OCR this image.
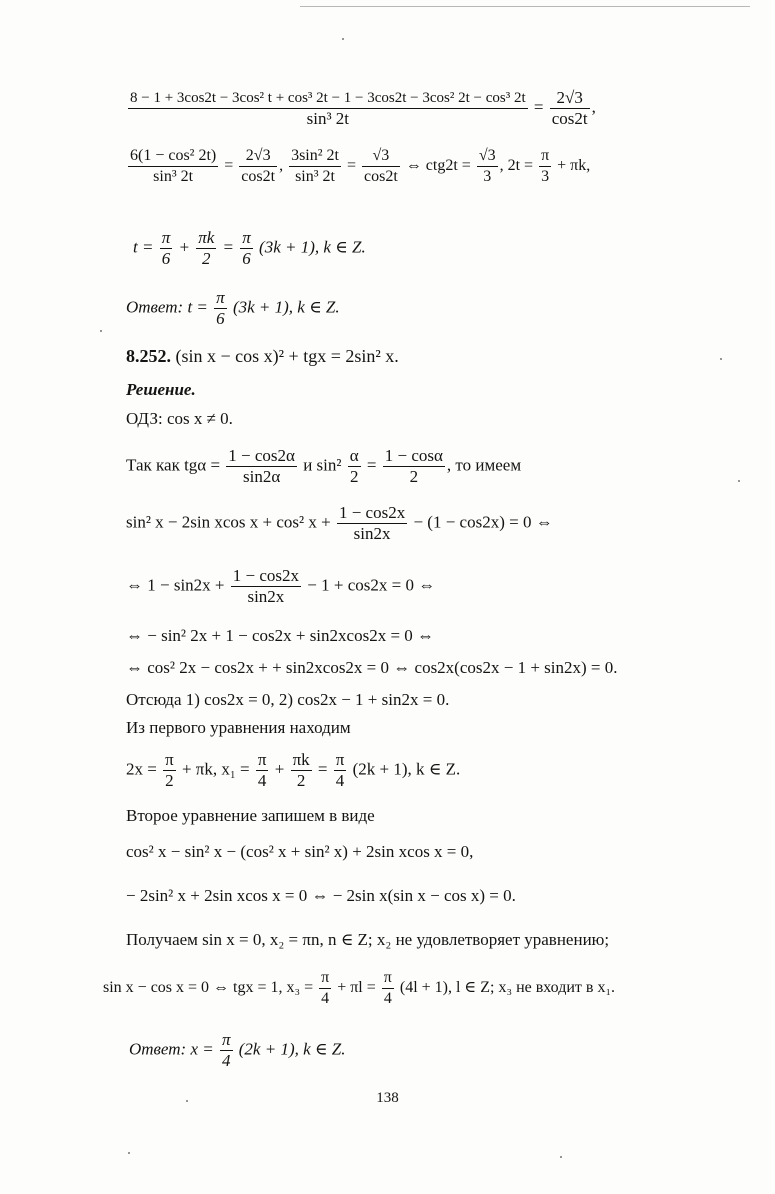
8 − 1 + 3cos2t − 3cos² t + cos³ 2t − 1 − 3cos2t − 3cos² 2t − cos³ 2t
sin³ 2t
= $\frac{2√3}{\cos 2t}$ ,
$\frac{\text{6(1 − cos² 2t)}}{\text{sin³ 2t}} = \frac{2√3}{\cos 2t}$ , $\frac{\text{3sin² 2t}}{\text{sin³ 2t}} = \frac{√3}{\cos 2t}$ ⇔ $ctg2t = \frac{√3}{3}$ , $2t = \frac{\pi}{3} + \pi k$,
$t = \frac{\pi}{6} + \frac{\pi k}{2} = \frac{\pi}{6} (3k + 1)$, k ∈ Z.
Ответ: $t = \frac{\pi}{6} (3k + 1)$, k ∈ Z.
8.252. (sin x − cos x)² + tgx = 2sin² x.
Решение.
ОДЗ: cos x ≠ 0.
Так как $tg\alpha = \frac{1 - \cos 2\alpha}{\sin 2\alpha}$ и $\sin^2 \frac{\alpha}{2} = \frac{1 - \cos\alpha}{2}$ , то имеем
sin² x − 2sin xcos x + cos² $x + \frac{1 - \cos 2x}{\sin 2x} - (1 - \cos 2x) = 0$ ⇔
⇔ $1 - \sin 2x + \frac{1 - \cos 2x}{\sin 2x} - 1 + \cos 2x = 0$ ⇔
⇔ − sin² 2x + 1 − cos2x + sin2xcos2x = 0 ⇔
⇔ cos² 2x − cos2x + + sin2xcos2x = 0 ⇔ cos2x(cos2x − 1 + sin2x) = 0.
Отсюда 1) cos2x = 0, 2) cos2x − 1 + sin2x = 0.
Из первого уравнения находим
$2x = \frac{\pi}{2} + \pi k$, $x_1 = \frac{\pi}{4} + \frac{\pi k}{2} = \frac{\pi}{4} (2k + 1)$, k ∈ Z.
Второе уравнение запишем в виде
cos² x − sin² x − (cos² x + sin² x) + 2sin xcos x = 0,
− 2sin² x + 2sin xcos x = 0 ⇔ − 2sin x(sin x − cos x) = 0.
Получаем sin x = 0, x₂ = πn, n ∈ Z; x₂ не удовлетворяет уравнению;
sin x − cos x = 0 ⇔ tgx = 1, $x_3 = \frac{\pi}{4} + \pi l = \frac{\pi}{4} (4l + 1)$, l ∈ Z; x₃ не входит в x₁.
Ответ: $x = \frac{\pi}{4} (2k + 1)$, k ∈ Z.
138
